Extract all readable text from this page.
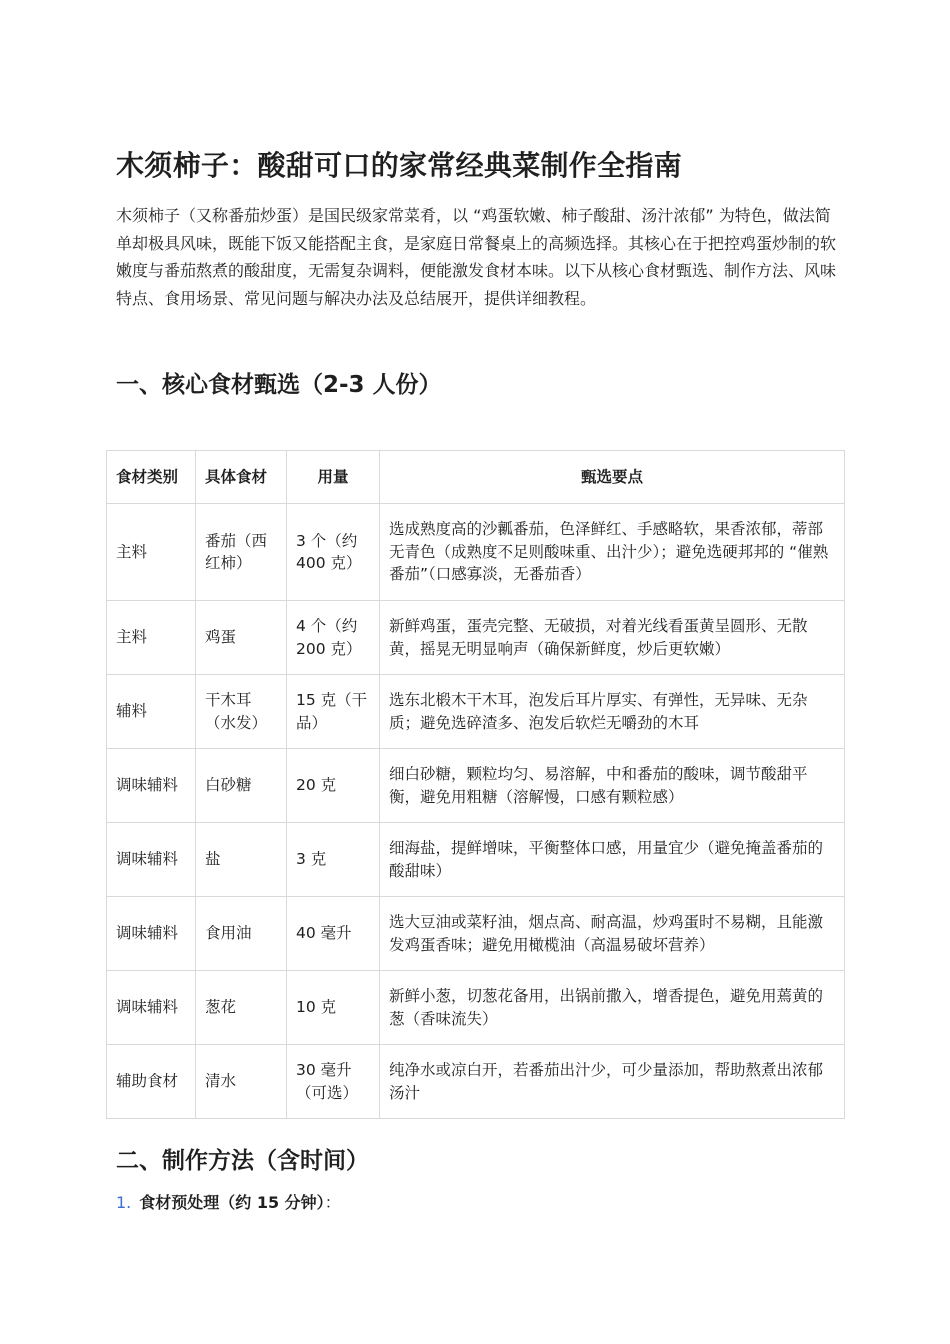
木须柿子：酸甜可口的家常经典菜制作全指南

木须柿子（又称番茄炒蛋）是国民级家常菜肴，以 “鸡蛋软嫩、柿子酸甜、汤汁浓郁” 为特色，做法简单却极具风味，既能下饭又能搭配主食，是家庭日常餐桌上的高频选择。其核心在于把控鸡蛋炒制的软嫩度与番茄熬煮的酸甜度，无需复杂调料，便能激发食材本味。以下从核心食材甄选、制作方法、风味特点、食用场景、常见问题与解决办法及总结展开，提供详细教程。

一、核心食材甄选（2-3 人份）
食材类别	具体食材	用量	甄选要点
主料	番茄（西红柿）	3 个（约 400 克）	选成熟度高的沙瓤番茄，色泽鲜红、手感略软，果香浓郁，蒂部无青色（成熟度不足则酸味重、出汁少）；避免选硬邦邦的 “催熟番茄”（口感寡淡，无番茄香）
主料	鸡蛋	4 个（约 200 克）	新鲜鸡蛋，蛋壳完整、无破损，对着光线看蛋黄呈圆形、无散黄，摇晃无明显响声（确保新鲜度，炒后更软嫩）
辅料	干木耳（水发）	15 克（干品）	选东北椴木干木耳，泡发后耳片厚实、有弹性，无异味、无杂质；避免选碎渣多、泡发后软烂无嚼劲的木耳
调味辅料	白砂糖	20 克	细白砂糖，颗粒均匀、易溶解，中和番茄的酸味，调节酸甜平衡，避免用粗糖（溶解慢，口感有颗粒感）
调味辅料	盐	3 克	细海盐，提鲜增味，平衡整体口感，用量宜少（避免掩盖番茄的酸甜味）
调味辅料	食用油	40 毫升	选大豆油或菜籽油，烟点高、耐高温，炒鸡蛋时不易糊，且能激发鸡蛋香味；避免用橄榄油（高温易破坏营养）
调味辅料	葱花	10 克	新鲜小葱，切葱花备用，出锅前撒入，增香提色，避免用蔫黄的葱（香味流失）
辅助食材	清水	30 毫升（可选）	纯净水或凉白开，若番茄出汁少，可少量添加，帮助熬煮出浓郁汤汁
二、制作方法（含时间）
1. 食材预处理（约 15 分钟）：
